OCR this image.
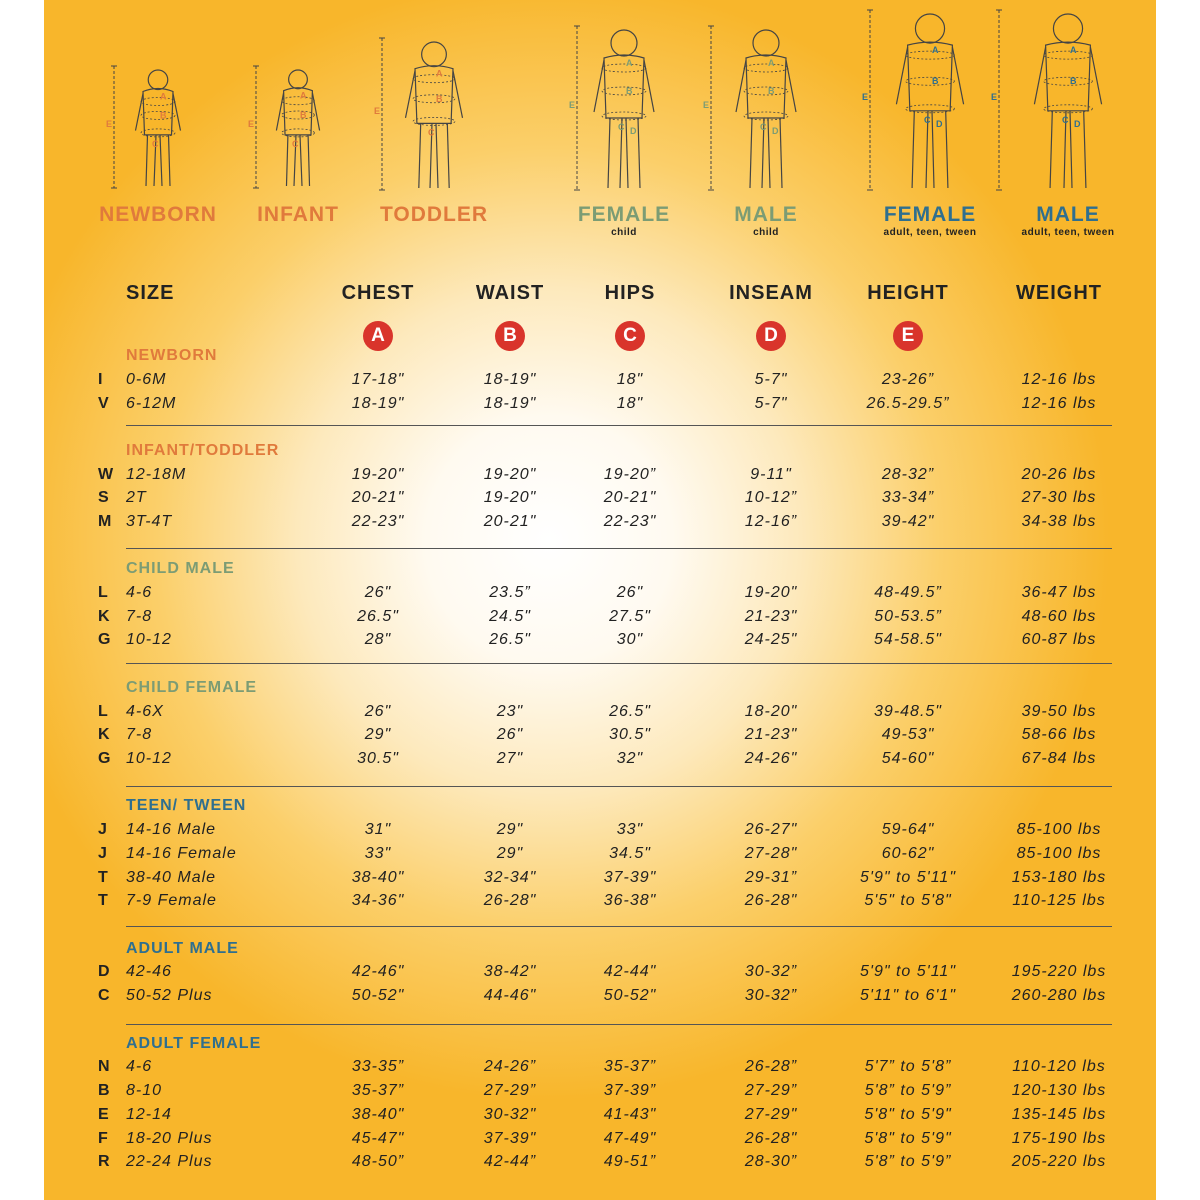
E
A
B
C
NEWBORN
E
A
B
C
INFANT
E
A
B
C
TODDLER
E
A
B
C D
FEMALE
child
E
A
B
C D
MALE
child
E
A
B
C D
FEMALE
adult, teen, tween
E
A
B
C D
MALE
adult, teen, tween
SIZE	CHEST	WAIST	HIPS	INSEAM	HEIGHT	WEIGHT
A	B	C	D	E
NEWBORN
I 0-6M	17-18"	18-19"	18"	5-7"	23-26”	12-16 lbs
V 6-12M	18-19"	18-19"	18"	5-7"	26.5-29.5”	12-16 lbs
INFANT/TODDLER
W 12-18M	19-20"	19-20"	19-20”	9-11"	28-32”	20-26 lbs
S 2T	20-21"	19-20"	20-21"	10-12”	33-34”	27-30 lbs
M 3T-4T	22-23"	20-21"	22-23"	12-16”	39-42"	34-38 lbs
CHILD MALE
L 4-6	26"	23.5”	26"	19-20"	48-49.5”	36-47 lbs
K 7-8	26.5"	24.5"	27.5"	21-23"	50-53.5”	48-60 lbs
G 10-12	28"	26.5"	30"	24-25"	54-58.5"	60-87 lbs
CHILD FEMALE
L 4-6X	26"	23"	26.5"	18-20"	39-48.5"	39-50 lbs
K 7-8	29"	26"	30.5"	21-23"	49-53"	58-66 lbs
G 10-12	30.5"	27"	32"	24-26"	54-60"	67-84 lbs
TEEN/ TWEEN
J 14-16 Male	31"	29"	33"	26-27"	59-64"	85-100 lbs
J 14-16 Female	33"	29"	34.5"	27-28"	60-62"	85-100 lbs
T 38-40 Male	38-40"	32-34"	37-39"	29-31”	5'9" to 5'11"	153-180 lbs
T 7-9 Female	34-36"	26-28"	36-38"	26-28"	5'5" to 5'8"	110-125 lbs
ADULT MALE
D 42-46	42-46"	38-42"	42-44"	30-32”	5'9" to 5'11"	195-220 lbs
C 50-52 Plus	50-52"	44-46"	50-52"	30-32”	5'11" to 6'1"	260-280 lbs
ADULT FEMALE
N 4-6	33-35”	24-26”	35-37”	26-28”	5'7” to 5'8”	110-120 lbs
B 8-10	35-37”	27-29”	37-39”	27-29”	5'8” to 5'9”	120-130 lbs
E 12-14	38-40"	30-32"	41-43"	27-29"	5'8" to 5'9"	135-145 lbs
F 18-20 Plus	45-47"	37-39"	47-49"	26-28"	5'8" to 5'9"	175-190 lbs
R 22-24 Plus	48-50”	42-44”	49-51”	28-30”	5'8” to 5'9”	205-220 lbs
